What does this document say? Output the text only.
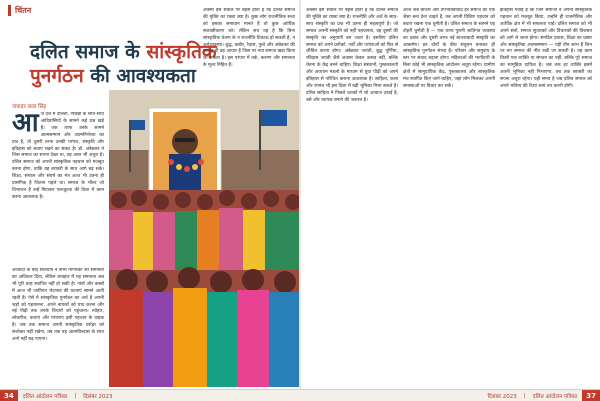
चिंतन
दलित समाज के सांस्कृतिक
पुनर्गठन की आवश्यकता
जवाहर लाल सिंह
आ ज देश में दलितों, पिछड़ों के साथ-साथ आदिवासियों के सामने कई प्रश्न खड़े हैं। एक तरफ उनके सामने आत्मसम्मान और आत्मनिर्भरता का प्रश्न है, तो दूसरी तरफ उनकी परंपरा, संस्कृति और इतिहास को बचाए रखने का संकट है। डॉ. अंबेडकर ने जिस समाज का सपना देखा था, वह आज भी अधूरा है। दलित समाज को अपनी सांस्कृतिक पहचान को मजबूत करना होगा, ताकि वह बराबरी के साथ आगे बढ़ सके। शिक्षा, संगठन और संघर्ष का मंत्र आज भी उतना ही प्रासंगिक है जितना पहले था। समाज के भीतर जो विभाजन हैं उन्हें मिटाकर एकजुटता की दिशा में काम करना आवश्यक है।
आजादी के बाद संविधान ने सभी नागरिकों को समानता का अधिकार दिया, लेकिन व्यवहार में यह समानता अब भी पूरी तरह स्थापित नहीं हो सकी है। गांवों और कस्बों में आज भी जातिगत भेदभाव की घटनाएं सामने आती रहती हैं। ऐसे में सांस्कृतिक पुनर्गठन का अर्थ है अपनी जड़ों को पहचानना, अपने नायकों को याद करना और नई पीढ़ी तक उनके विचारों को पहुंचाना। त्योहार, लोकगीत, कथाएं और परंपराएं इसी पहचान के वाहक हैं। जब तक समाज अपनी सांस्कृतिक धरोहर को संजोकर नहीं रखेगा, तब तक वह आत्मविश्वास के साथ आगे नहीं बढ़ पाएगा।
अक्सर इस सवाल पर बहस होती है कि दलित समाज की मुक्ति का रास्ता क्या है। राजनीति और अर्थ के साथ-साथ संस्कृति का प्रश्न भी उतना ही महत्वपूर्ण है। जो समाज अपनी संस्कृति को नहीं पहचानता, वह दूसरों की संस्कृति का अनुयायी बन जाता है। इसलिए दलित समाज को अपने प्रतीकों, पर्वों और परंपराओं को फिर से जीवित करना होगा। अंबेडकर जयंती, बुद्ध पूर्णिमा, रविदास जयंती जैसे अवसर केवल उत्सव नहीं, बल्कि चेतना के केंद्र बनने चाहिए। शिक्षा संस्थानों, पुस्तकालयों और अध्ययन मंडलों के माध्यम से युवा पीढ़ी को अपने इतिहास से परिचित कराना आवश्यक है। साहित्य, कला और रंगमंच भी इस दिशा में बड़ी भूमिका निभा सकते हैं। दलित साहित्य ने पिछले दशकों में जो आवाज उठाई है, उसे और व्यापक बनाने की जरूरत है।
आज जब बाजार और उपभोक्तावाद हर समाज को एक जैसा बना देना चाहते हैं, तब अपनी विशिष्ट पहचान को बचाए रखना एक चुनौती है। दलित समाज के सामने यह दोहरी चुनौती है — एक तरफ पुरानी जातिगत व्यवस्था का दबाव और दूसरी तरफ नई बाजारवादी संस्कृति का आकर्षण। इन दोनों के बीच संतुलन बनाकर ही सांस्कृतिक पुनर्गठन संभव है। परिवार और समुदाय के स्तर पर संवाद बढ़ाना होगा। महिलाओं की भागीदारी के बिना कोई भी सांस्कृतिक आंदोलन अधूरा रहेगा। ग्रामीण क्षेत्रों में सामुदायिक केंद्र, पुस्तकालय और सांस्कृतिक मंच स्थापित किए जाने चाहिए, जहां लोग मिलकर अपनी समस्याओं पर विचार कर सकें।
इतिहास गवाह है कि जिन समाजों ने अपनी सांस्कृतिक पहचान को मजबूत किया, उन्होंने ही राजनीतिक और आर्थिक क्षेत्र में भी सफलता पाई। दलित समाज को भी अपने संतों, समाज सुधारकों और विचारकों की विरासत को आगे ले जाना होगा। संगठित प्रयास, शिक्षा का प्रसार और सांस्कृतिक आत्मसम्मान — यही तीन स्तंभ हैं जिन पर नए समाज की नींव रखी जा सकती है। यह काम किसी एक व्यक्ति या संगठन का नहीं, बल्कि पूरे समाज का सामूहिक दायित्व है। जब तक हर व्यक्ति इसमें अपनी भूमिका नहीं निभाएगा, तब तक बराबरी का सपना अधूरा रहेगा। यही समय है जब दलित समाज को अपने भविष्य की दिशा स्वयं तय करनी होगी।
अक्सर इस सवाल पर बहस होती है कि दलित समाज की मुक्ति का रास्ता क्या है। कुछ लोग राजनीतिक सत्ता को इसका समाधान मानते हैं तो कुछ आर्थिक सशक्तीकरण को। लेकिन सच यह है कि बिना सांस्कृतिक चेतना के न राजनीति टिकाऊ हो सकती है, न अर्थव्यवस्था। बुद्ध, कबीर, रैदास, फुले और अंबेडकर की परंपरा ही वह आधार है जिस पर नया समाज खड़ा किया जा सकता है। इस परंपरा में तर्क, करुणा और समानता के मूल्य निहित हैं।
34	दलित आंदोलन पत्रिका	|	दिसंबर 2023	दिसंबर 2023	|	दलित आंदोलन पत्रिका	37
